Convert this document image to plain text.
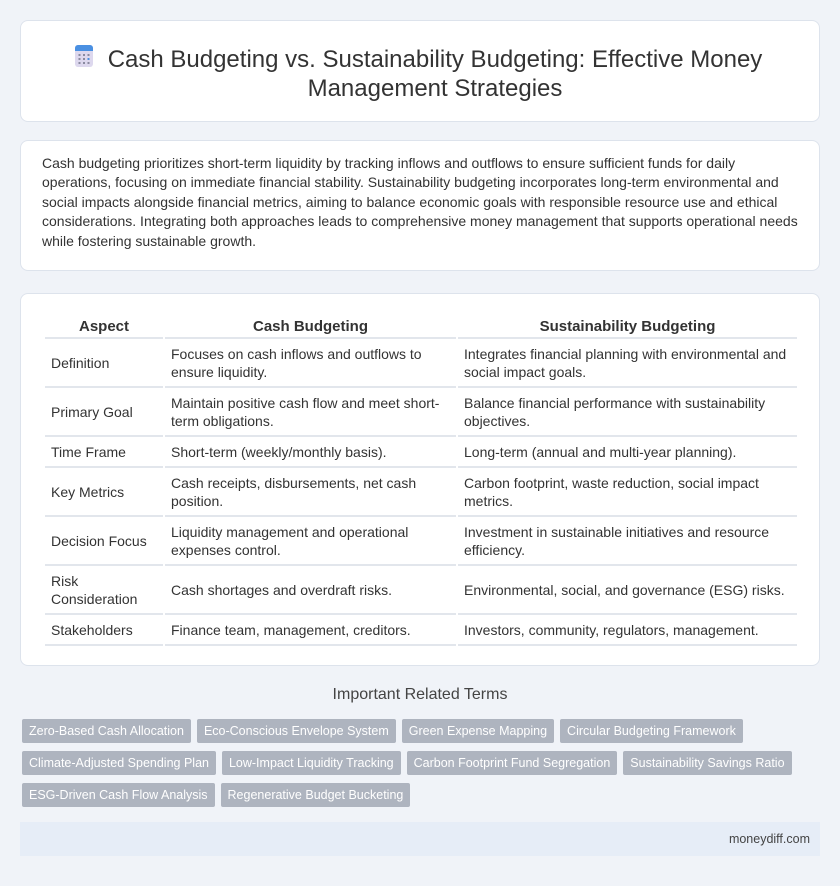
Cash Budgeting vs. Sustainability Budgeting: Effective Money Management Strategies

Cash budgeting prioritizes short-term liquidity by tracking inflows and outflows to ensure sufficient funds for daily operations, focusing on immediate financial stability. Sustainability budgeting incorporates long-term environmental and social impacts alongside financial metrics, aiming to balance economic goals with responsible resource use and ethical considerations. Integrating both approaches leads to comprehensive money management that supports operational needs while fostering sustainable growth.

Aspect	Cash Budgeting	Sustainability Budgeting
Definition	Focuses on cash inflows and outflows to ensure liquidity.	Integrates financial planning with environmental and social impact goals.
Primary Goal	Maintain positive cash flow and meet short-term obligations.	Balance financial performance with sustainability objectives.
Time Frame	Short-term (weekly/monthly basis).	Long-term (annual and multi-year planning).
Key Metrics	Cash receipts, disbursements, net cash position.	Carbon footprint, waste reduction, social impact metrics.
Decision Focus	Liquidity management and operational expenses control.	Investment in sustainable initiatives and resource efficiency.
Risk Consideration	Cash shortages and overdraft risks.	Environmental, social, and governance (ESG) risks.
Stakeholders	Finance team, management, creditors.	Investors, community, regulators, management.
Important Related Terms
Zero-Based Cash Allocation	Eco-Conscious Envelope System	Green Expense Mapping	Circular Budgeting Framework
Climate-Adjusted Spending Plan	Low-Impact Liquidity Tracking	Carbon Footprint Fund Segregation	Sustainability Savings Ratio
ESG-Driven Cash Flow Analysis	Regenerative Budget Bucketing
moneydiff.com
